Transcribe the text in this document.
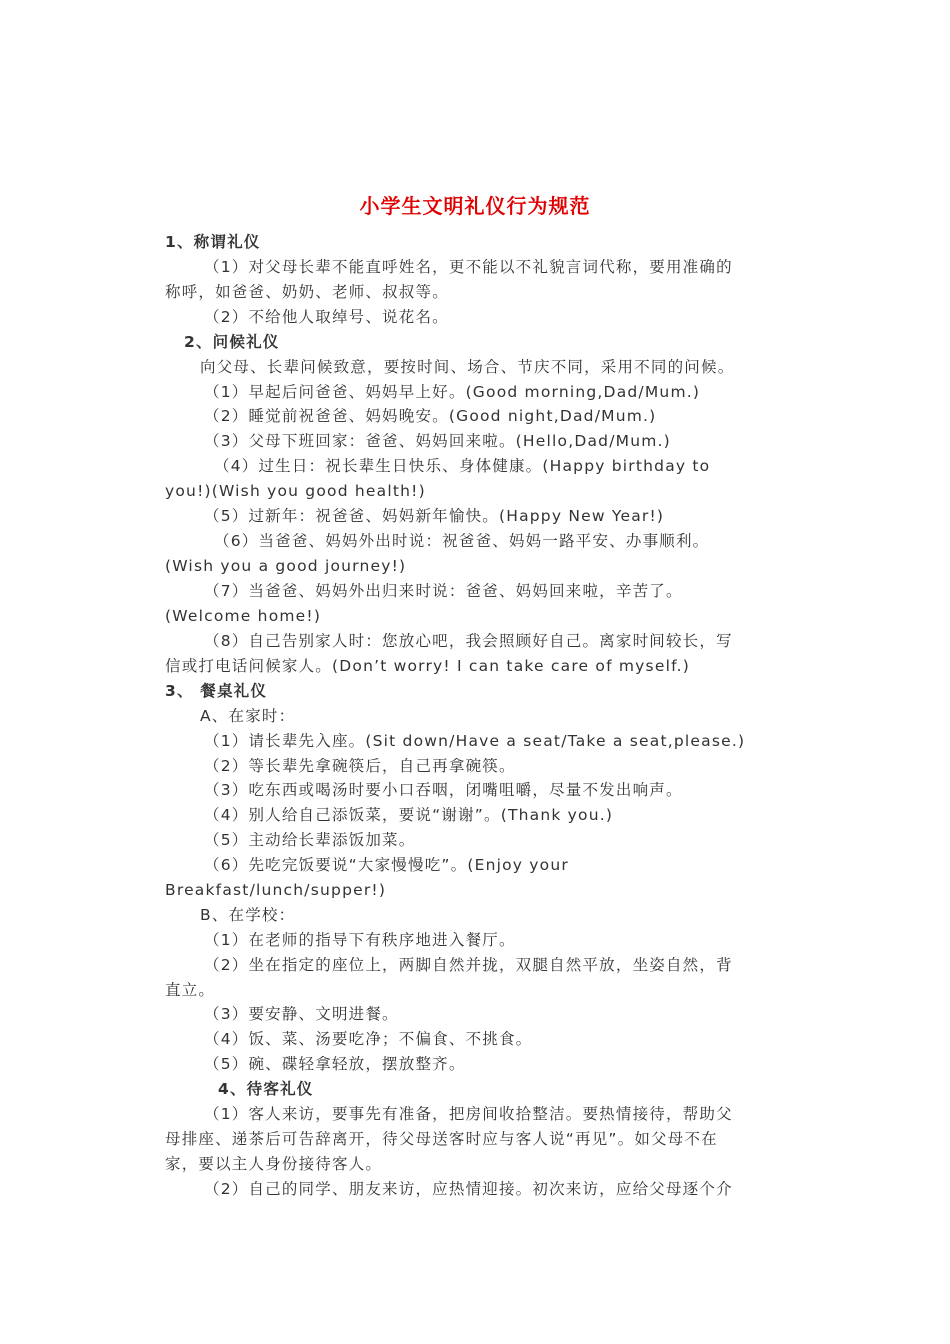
小学生文明礼仪行为规范
1、称谓礼仪
（1）对父母长辈不能直呼姓名，更不能以不礼貌言词代称，要用准确的
称呼，如爸爸、奶奶、老师、叔叔等。
（2）不给他人取绰号、说花名。
2、问候礼仪
向父母、长辈问候致意，要按时间、场合、节庆不同，采用不同的问候。
（1）早起后问爸爸、妈妈早上好。(Good morning,Dad/Mum.)
（2）睡觉前祝爸爸、妈妈晚安。(Good night,Dad/Mum.)
（3）父母下班回家：爸爸、妈妈回来啦。(Hello,Dad/Mum.)
（4）过生日：祝长辈生日快乐、身体健康。(Happy birthday to
you!)(Wish you good health!)
（5）过新年：祝爸爸、妈妈新年愉快。(Happy New Year!)
（6）当爸爸、妈妈外出时说：祝爸爸、妈妈一路平安、办事顺利。
(Wish you a good journey!)
（7）当爸爸、妈妈外出归来时说：爸爸、妈妈回来啦，辛苦了。
(Welcome home!)
（8）自己告别家人时：您放心吧，我会照顾好自己。离家时间较长，写
信或打电话问候家人。(Don’t worry! I can take care of myself.)
3、 餐桌礼仪
A、在家时：
（1）请长辈先入座。(Sit down/Have a seat/Take a seat,please.)
（2）等长辈先拿碗筷后，自己再拿碗筷。
（3）吃东西或喝汤时要小口吞咽，闭嘴咀嚼，尽量不发出响声。
（4）别人给自己添饭菜，要说“谢谢”。(Thank you.)
（5）主动给长辈添饭加菜。
（6）先吃完饭要说“大家慢慢吃”。(Enjoy your
Breakfast/lunch/supper!)
B、在学校：
（1）在老师的指导下有秩序地进入餐厅。
（2）坐在指定的座位上，两脚自然并拢，双腿自然平放，坐姿自然，背
直立。
（3）要安静、文明进餐。
（4）饭、菜、汤要吃净；不偏食、不挑食。
（5）碗、碟轻拿轻放，摆放整齐。
4、待客礼仪
（1）客人来访，要事先有准备，把房间收拾整洁。要热情接待，帮助父
母排座、递茶后可告辞离开，待父母送客时应与客人说“再见”。如父母不在
家，要以主人身份接待客人。
（2）自己的同学、朋友来访，应热情迎接。初次来访，应给父母逐个介
